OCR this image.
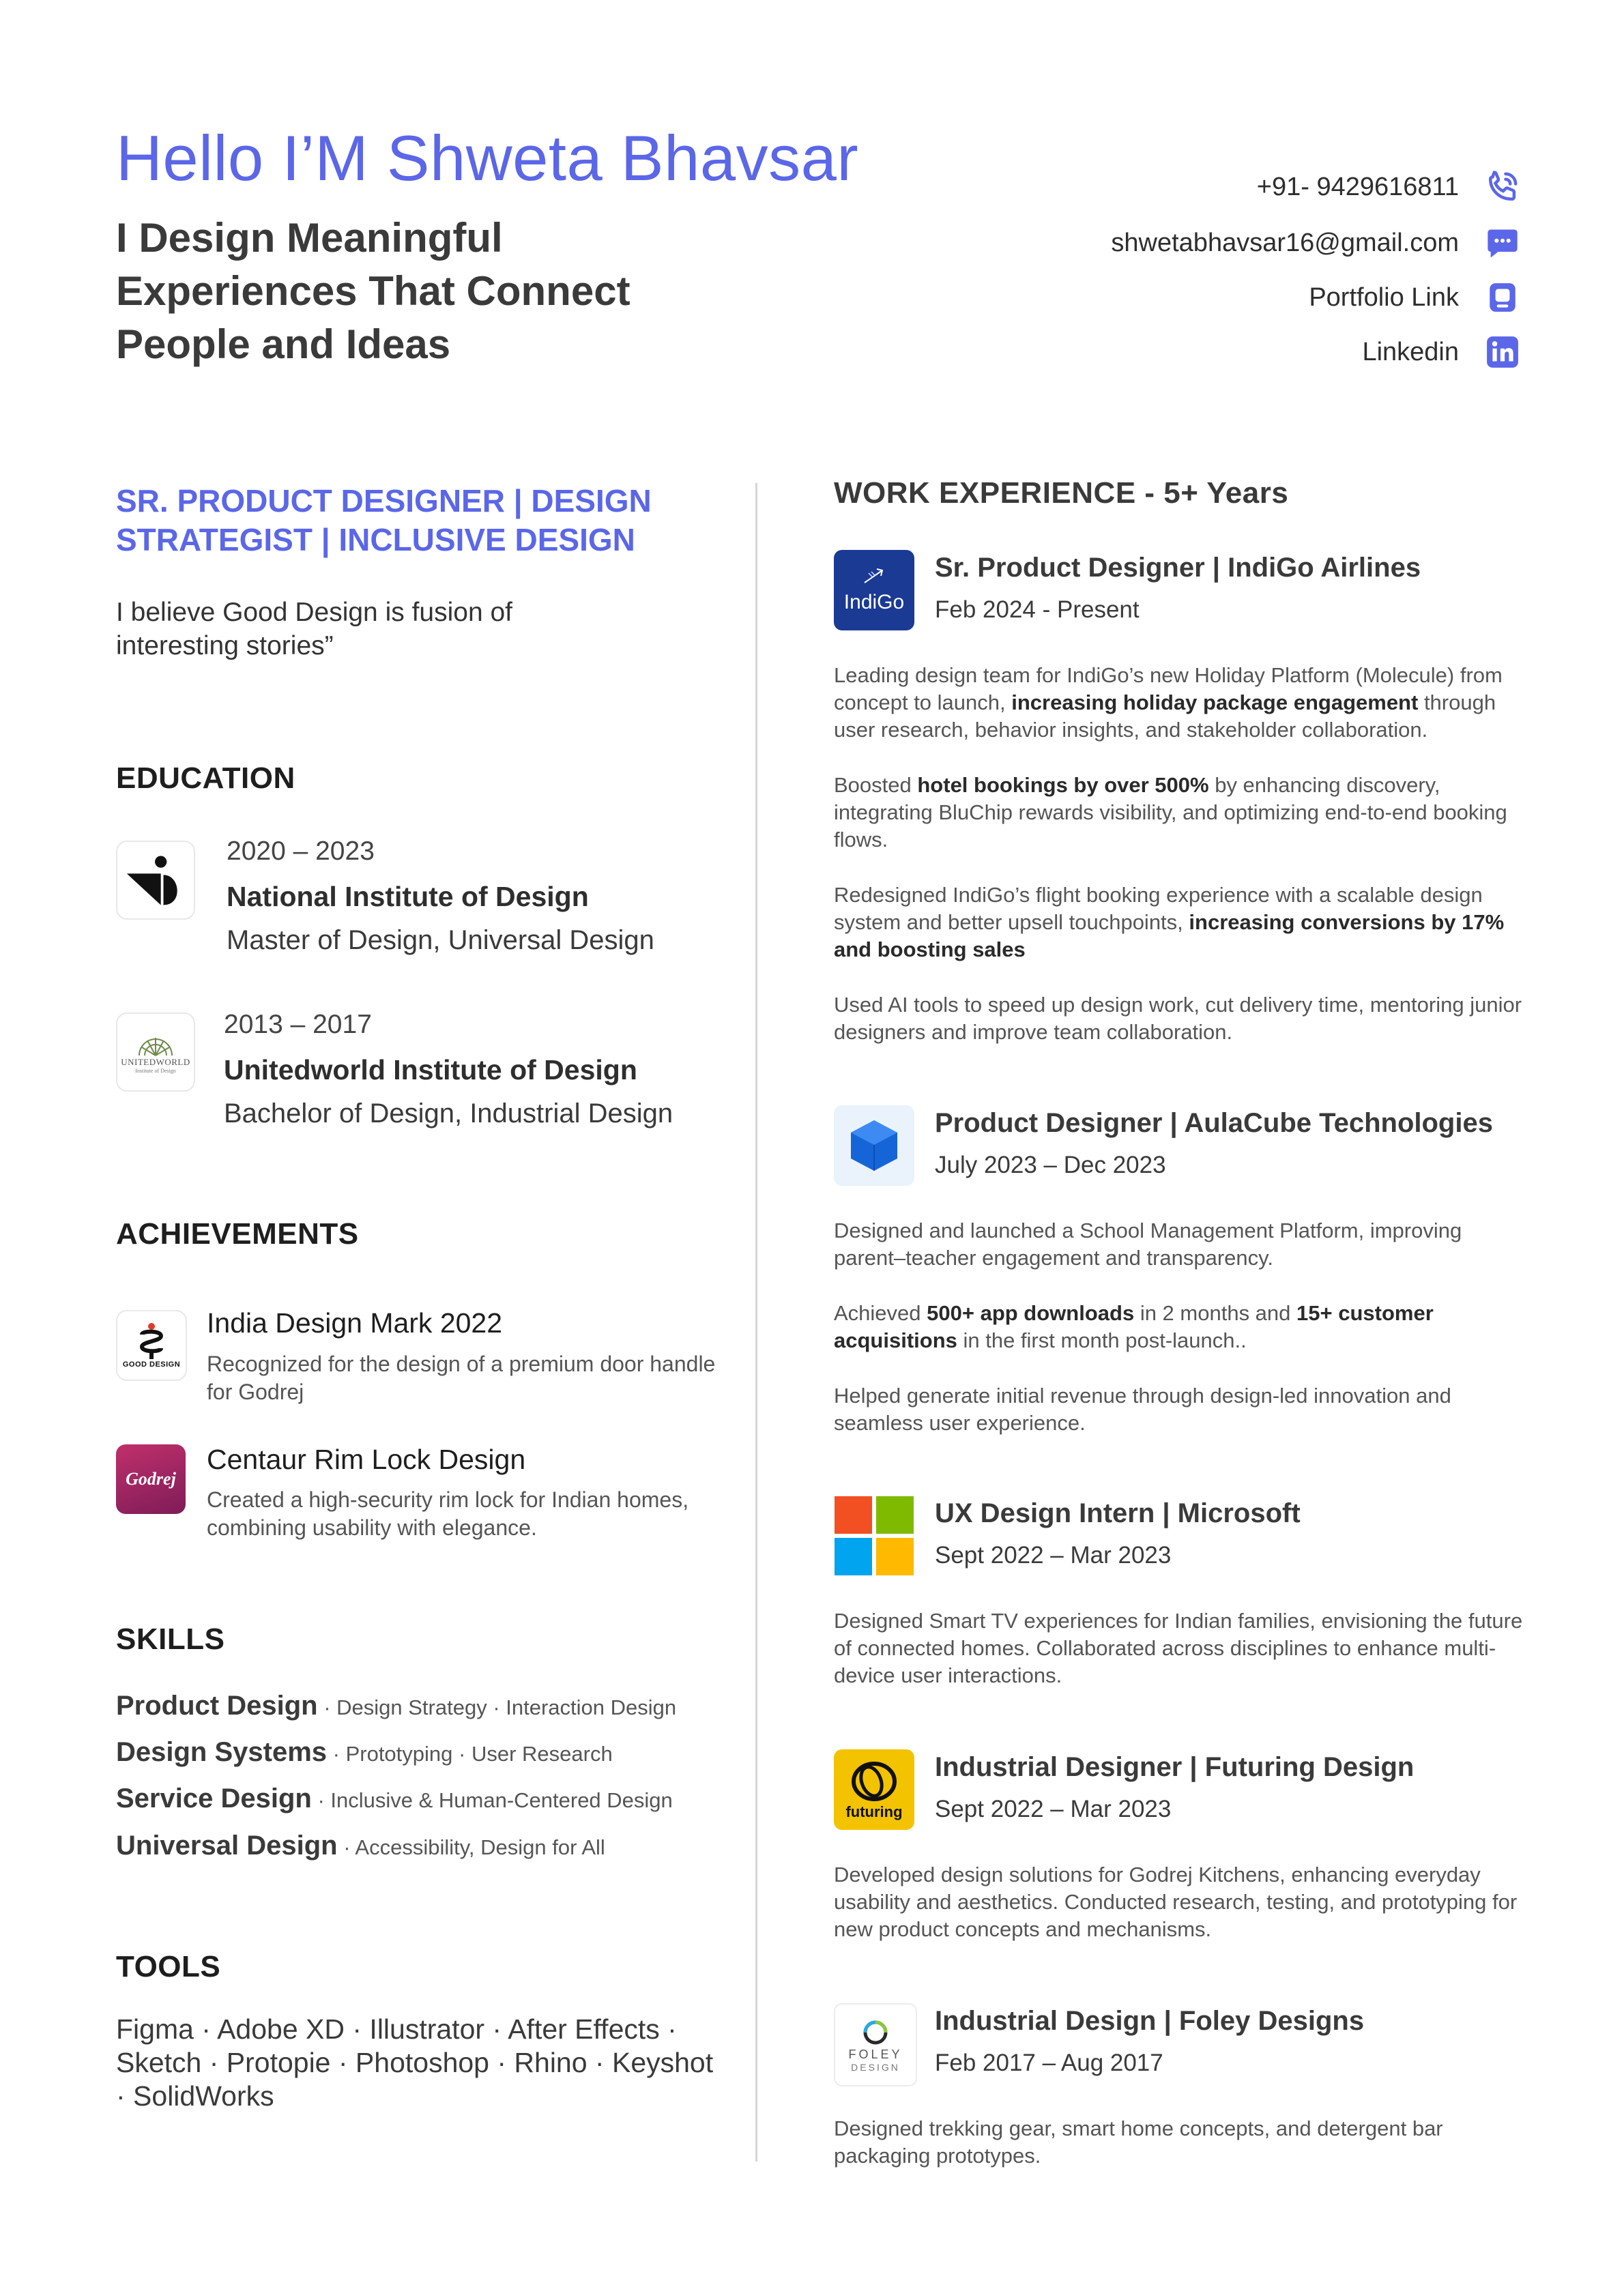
Hello I’M Shweta Bhavsar
I Design Meaningful Experiences That Connect People and Ideas
+91- 9429616811
shwetabhavsar16@gmail.com
Portfolio Link
Linkedin
SR. PRODUCT DESIGNER | DESIGN STRATEGIST | INCLUSIVE DESIGN
I believe Good Design is fusion of interesting stories”
EDUCATION
2020 – 2023
National Institute of Design
Master of Design, Universal Design
UNITEDWORLD
Institute of Design
2013 – 2017
Unitedworld Institute of Design
Bachelor of Design, Industrial Design
ACHIEVEMENTS
GOOD DESIGN
India Design Mark 2022
Recognized for the design of a premium door handle for Godrej
Godrej
Centaur Rim Lock Design
Created a high-security rim lock for Indian homes, combining usability with elegance.
SKILLS
Product Design · Design Strategy · Interaction Design
Design Systems · Prototyping · User Research
Service Design · Inclusive & Human-Centered Design
Universal Design · Accessibility, Design for All
TOOLS
Figma · Adobe XD · Illustrator · After Effects · Sketch · Protopie · Photoshop · Rhino · Keyshot · SolidWorks
WORK EXPERIENCE - 5+ Years
IndiGo
Sr. Product Designer | IndiGo Airlines
Feb 2024 - Present
Leading design team for IndiGo’s new Holiday Platform (Molecule) from concept to launch, increasing holiday package engagement through user research, behavior insights, and stakeholder collaboration.
Boosted hotel bookings by over 500% by enhancing discovery, integrating BluChip rewards visibility, and optimizing end-to-end booking flows.
Redesigned IndiGo’s flight booking experience with a scalable design system and better upsell touchpoints, increasing conversions by 17% and boosting sales
Used AI tools to speed up design work, cut delivery time, mentoring junior designers and improve team collaboration.
Product Designer | AulaCube Technologies
July 2023 – Dec 2023
Designed and launched a School Management Platform, improving parent–teacher engagement and transparency.
Achieved 500+ app downloads in 2 months and 15+ customer acquisitions in the first month post-launch..
Helped generate initial revenue through design-led innovation and seamless user experience.
UX Design Intern | Microsoft
Sept 2022 – Mar 2023
Designed Smart TV experiences for Indian families, envisioning the future of connected homes. Collaborated across disciplines to enhance multi-device user interactions.
futuring
Industrial Designer | Futuring Design
Sept 2022 – Mar 2023
Developed design solutions for Godrej Kitchens, enhancing everyday usability and aesthetics. Conducted research, testing, and prototyping for new product concepts and mechanisms.
FOLEY
DESIGN
Industrial Design | Foley Designs
Feb 2017 – Aug 2017
Designed trekking gear, smart home concepts, and detergent bar packaging prototypes.
